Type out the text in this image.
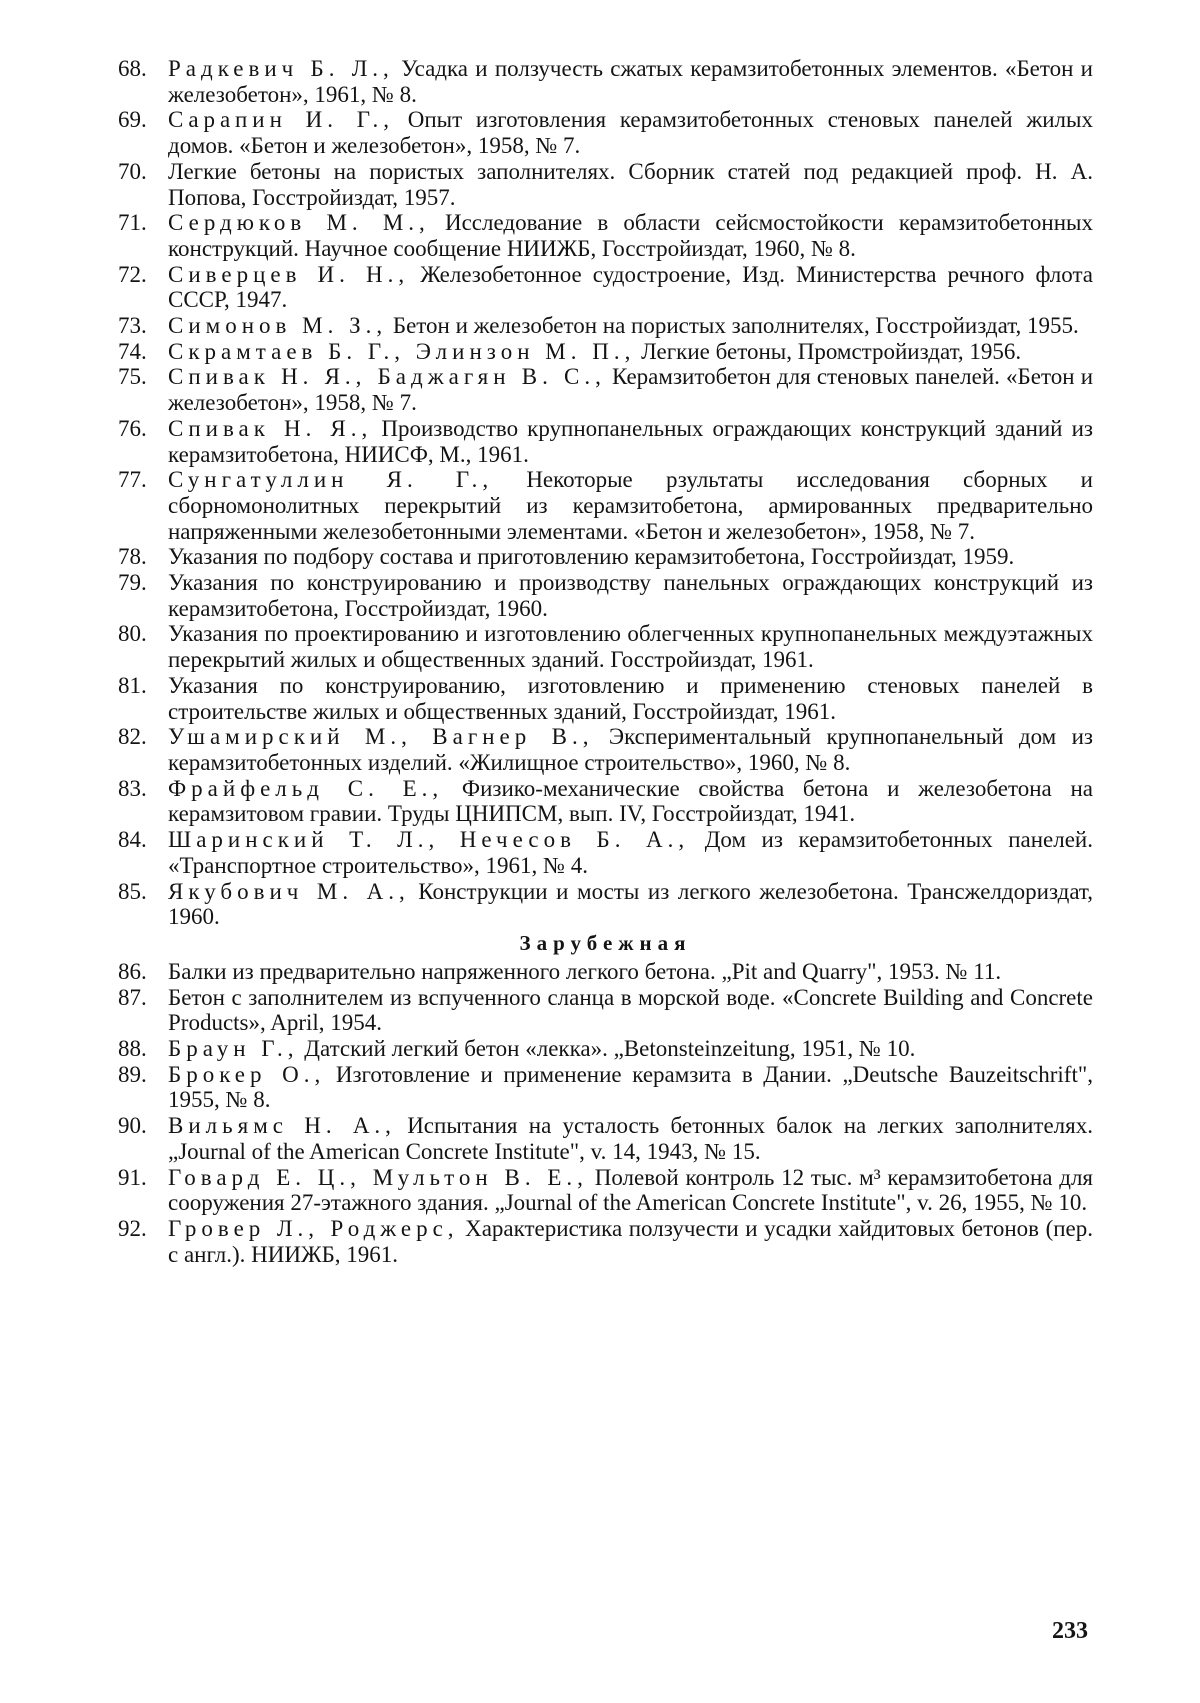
68. Радкевич Б. Л., Усадка и ползучесть сжатых керамзитобетонных элементов. «Бетон и железобетон», 1961, № 8.
69. Сарапин И. Г., Опыт изготовления керамзитобетонных стеновых панелей жилых домов. «Бетон и железобетон», 1958, № 7.
70. Легкие бетоны на пористых заполнителях. Сборник статей под редакцией проф. Н. А. Попова, Госстройиздат, 1957.
71. Сердюков М. М., Исследование в области сейсмостойкости керамзитобетонных конструкций. Научное сообщение НИИЖБ, Госстройиздат, 1960, № 8.
72. Сиверцев И. Н., Железобетонное судостроение, Изд. Министерства речного флота СССР, 1947.
73. Симонов М. З., Бетон и железобетон на пористых заполнителях, Госстройиздат, 1955.
74. Скрамтаев Б. Г., Элинзон М. П., Легкие бетоны, Промстройиздат, 1956.
75. Спивак Н. Я., Баджагян В. С., Керамзитобетон для стеновых панелей. «Бетон и железобетон», 1958, № 7.
76. Спивак Н. Я., Производство крупнопанельных ограждающих конструкций зданий из керамзитобетона, НИИСФ, М., 1961.
77. Сунгатуллин Я. Г., Некоторые рзультаты исследования сборных и сборномонолитных перекрытий из керамзитобетона, армированных предварительно напряженными железобетонными элементами. «Бетон и железобетон», 1958, № 7.
78. Указания по подбору состава и приготовлению керамзитобетона, Госстройиздат, 1959.
79. Указания по конструированию и производству панельных ограждающих конструкций из керамзитобетона, Госстройиздат, 1960.
80. Указания по проектированию и изготовлению облегченных крупнопанельных междуэтажных перекрытий жилых и общественных зданий. Госстройиздат, 1961.
81. Указания по конструированию, изготовлению и применению стеновых панелей в строительстве жилых и общественных зданий, Госстройиздат, 1961.
82. Ушамирский М., Вагнер В., Экспериментальный крупнопанельный дом из керамзитобетонных изделий. «Жилищное строительство», 1960, № 8.
83. Фрайфельд С. Е., Физико-механические свойства бетона и железобетона на керамзитовом гравии. Труды ЦНИПСМ, вып. IV, Госстройиздат, 1941.
84. Шаринский Т. Л., Нечесов Б. А., Дом из керамзитобетонных панелей. «Транспортное строительство», 1961, № 4.
85. Якубович М. А., Конструкции и мосты из легкого железобетона. Трансжелдориздат, 1960.
Зарубежная
86. Балки из предварительно напряженного легкого бетона. „Pit and Quarry", 1953. № 11.
87. Бетон с заполнителем из вспученного сланца в морской воде. «Concrete Building and Concrete Products», April, 1954.
88. Браун Г., Датский легкий бетон «лекка». „Betonsteinzeitung, 1951, № 10.
89. Брокер О., Изготовление и применение керамзита в Дании. „Deutsche Bauzeitschrift", 1955, № 8.
90. Вильямс Н. А., Испытания на усталость бетонных балок на легких заполнителях. „Journal of the American Concrete Institute", v. 14, 1943, № 15.
91. Говард Е. Ц., Мультон В. Е., Полевой контроль 12 тыс. м³ керамзитобетона для сооружения 27-этажного здания. „Journal of the American Concrete Institute", v. 26, 1955, № 10.
92. Гровер Л., Роджерс, Характеристика ползучести и усадки хайдитовых бетонов (пер. с англ.). НИИЖБ, 1961.
233
